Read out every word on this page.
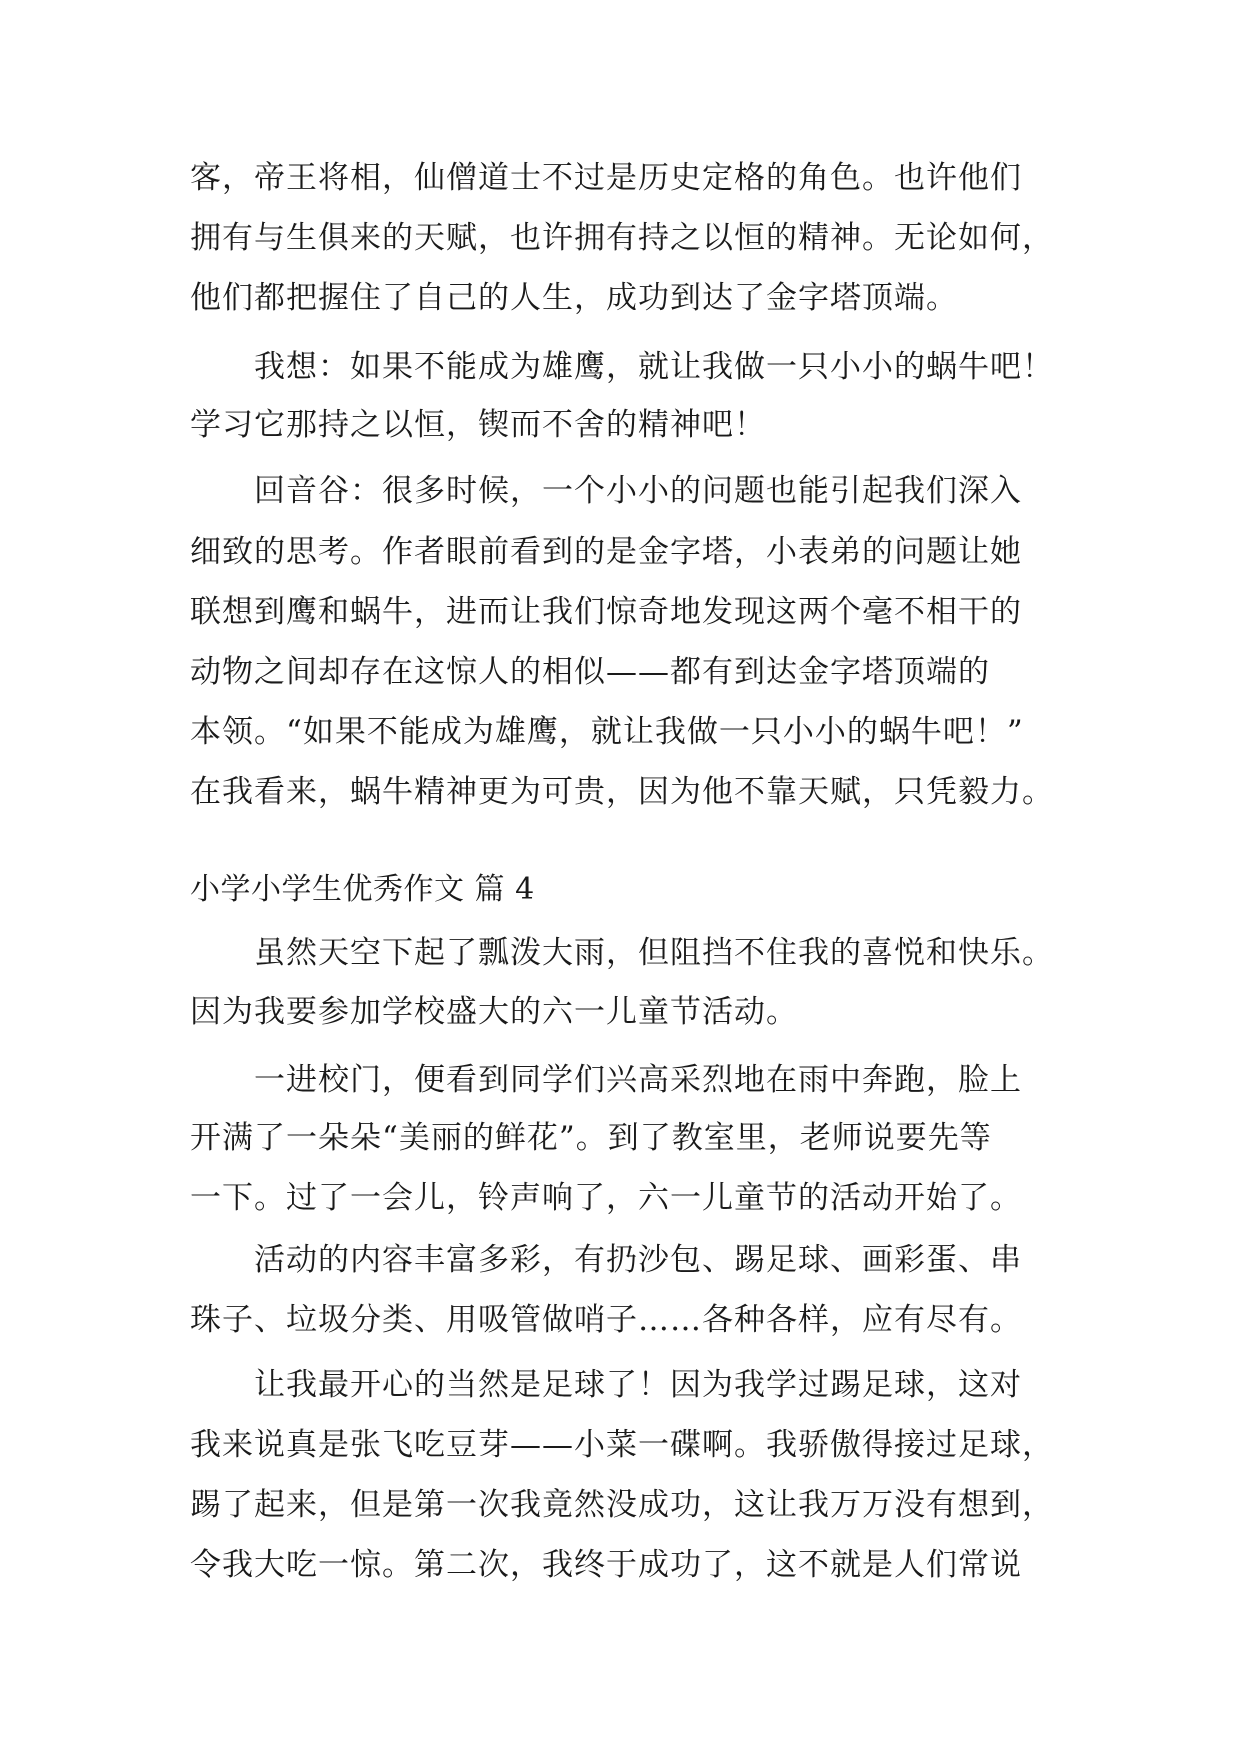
客，帝王将相，仙僧道士不过是历史定格的角色。也许他们
拥有与生俱来的天赋，也许拥有持之以恒的精神。无论如何，
他们都把握住了自己的人生，成功到达了金字塔顶端。
我想：如果不能成为雄鹰，就让我做一只小小的蜗牛吧！
学习它那持之以恒，锲而不舍的精神吧！
回音谷：很多时候，一个小小的问题也能引起我们深入
细致的思考。作者眼前看到的是金字塔，小表弟的问题让她
联想到鹰和蜗牛，进而让我们惊奇地发现这两个毫不相干的
动物之间却存在这惊人的相似——都有到达金字塔顶端的
本领。“如果不能成为雄鹰，就让我做一只小小的蜗牛吧！”
在我看来，蜗牛精神更为可贵，因为他不靠天赋，只凭毅力。
小学小学生优秀作文 篇 4
虽然天空下起了瓢泼大雨，但阻挡不住我的喜悦和快乐。
因为我要参加学校盛大的六一儿童节活动。
一进校门，便看到同学们兴高采烈地在雨中奔跑，脸上
开满了一朵朵“美丽的鲜花”。到了教室里，老师说要先等
一下。过了一会儿，铃声响了，六一儿童节的活动开始了。
活动的内容丰富多彩，有扔沙包、踢足球、画彩蛋、串
珠子、垃圾分类、用吸管做哨子……各种各样，应有尽有。
让我最开心的当然是足球了！因为我学过踢足球，这对
我来说真是张飞吃豆芽——小菜一碟啊。我骄傲得接过足球，
踢了起来，但是第一次我竟然没成功，这让我万万没有想到，
令我大吃一惊。第二次，我终于成功了，这不就是人们常说
